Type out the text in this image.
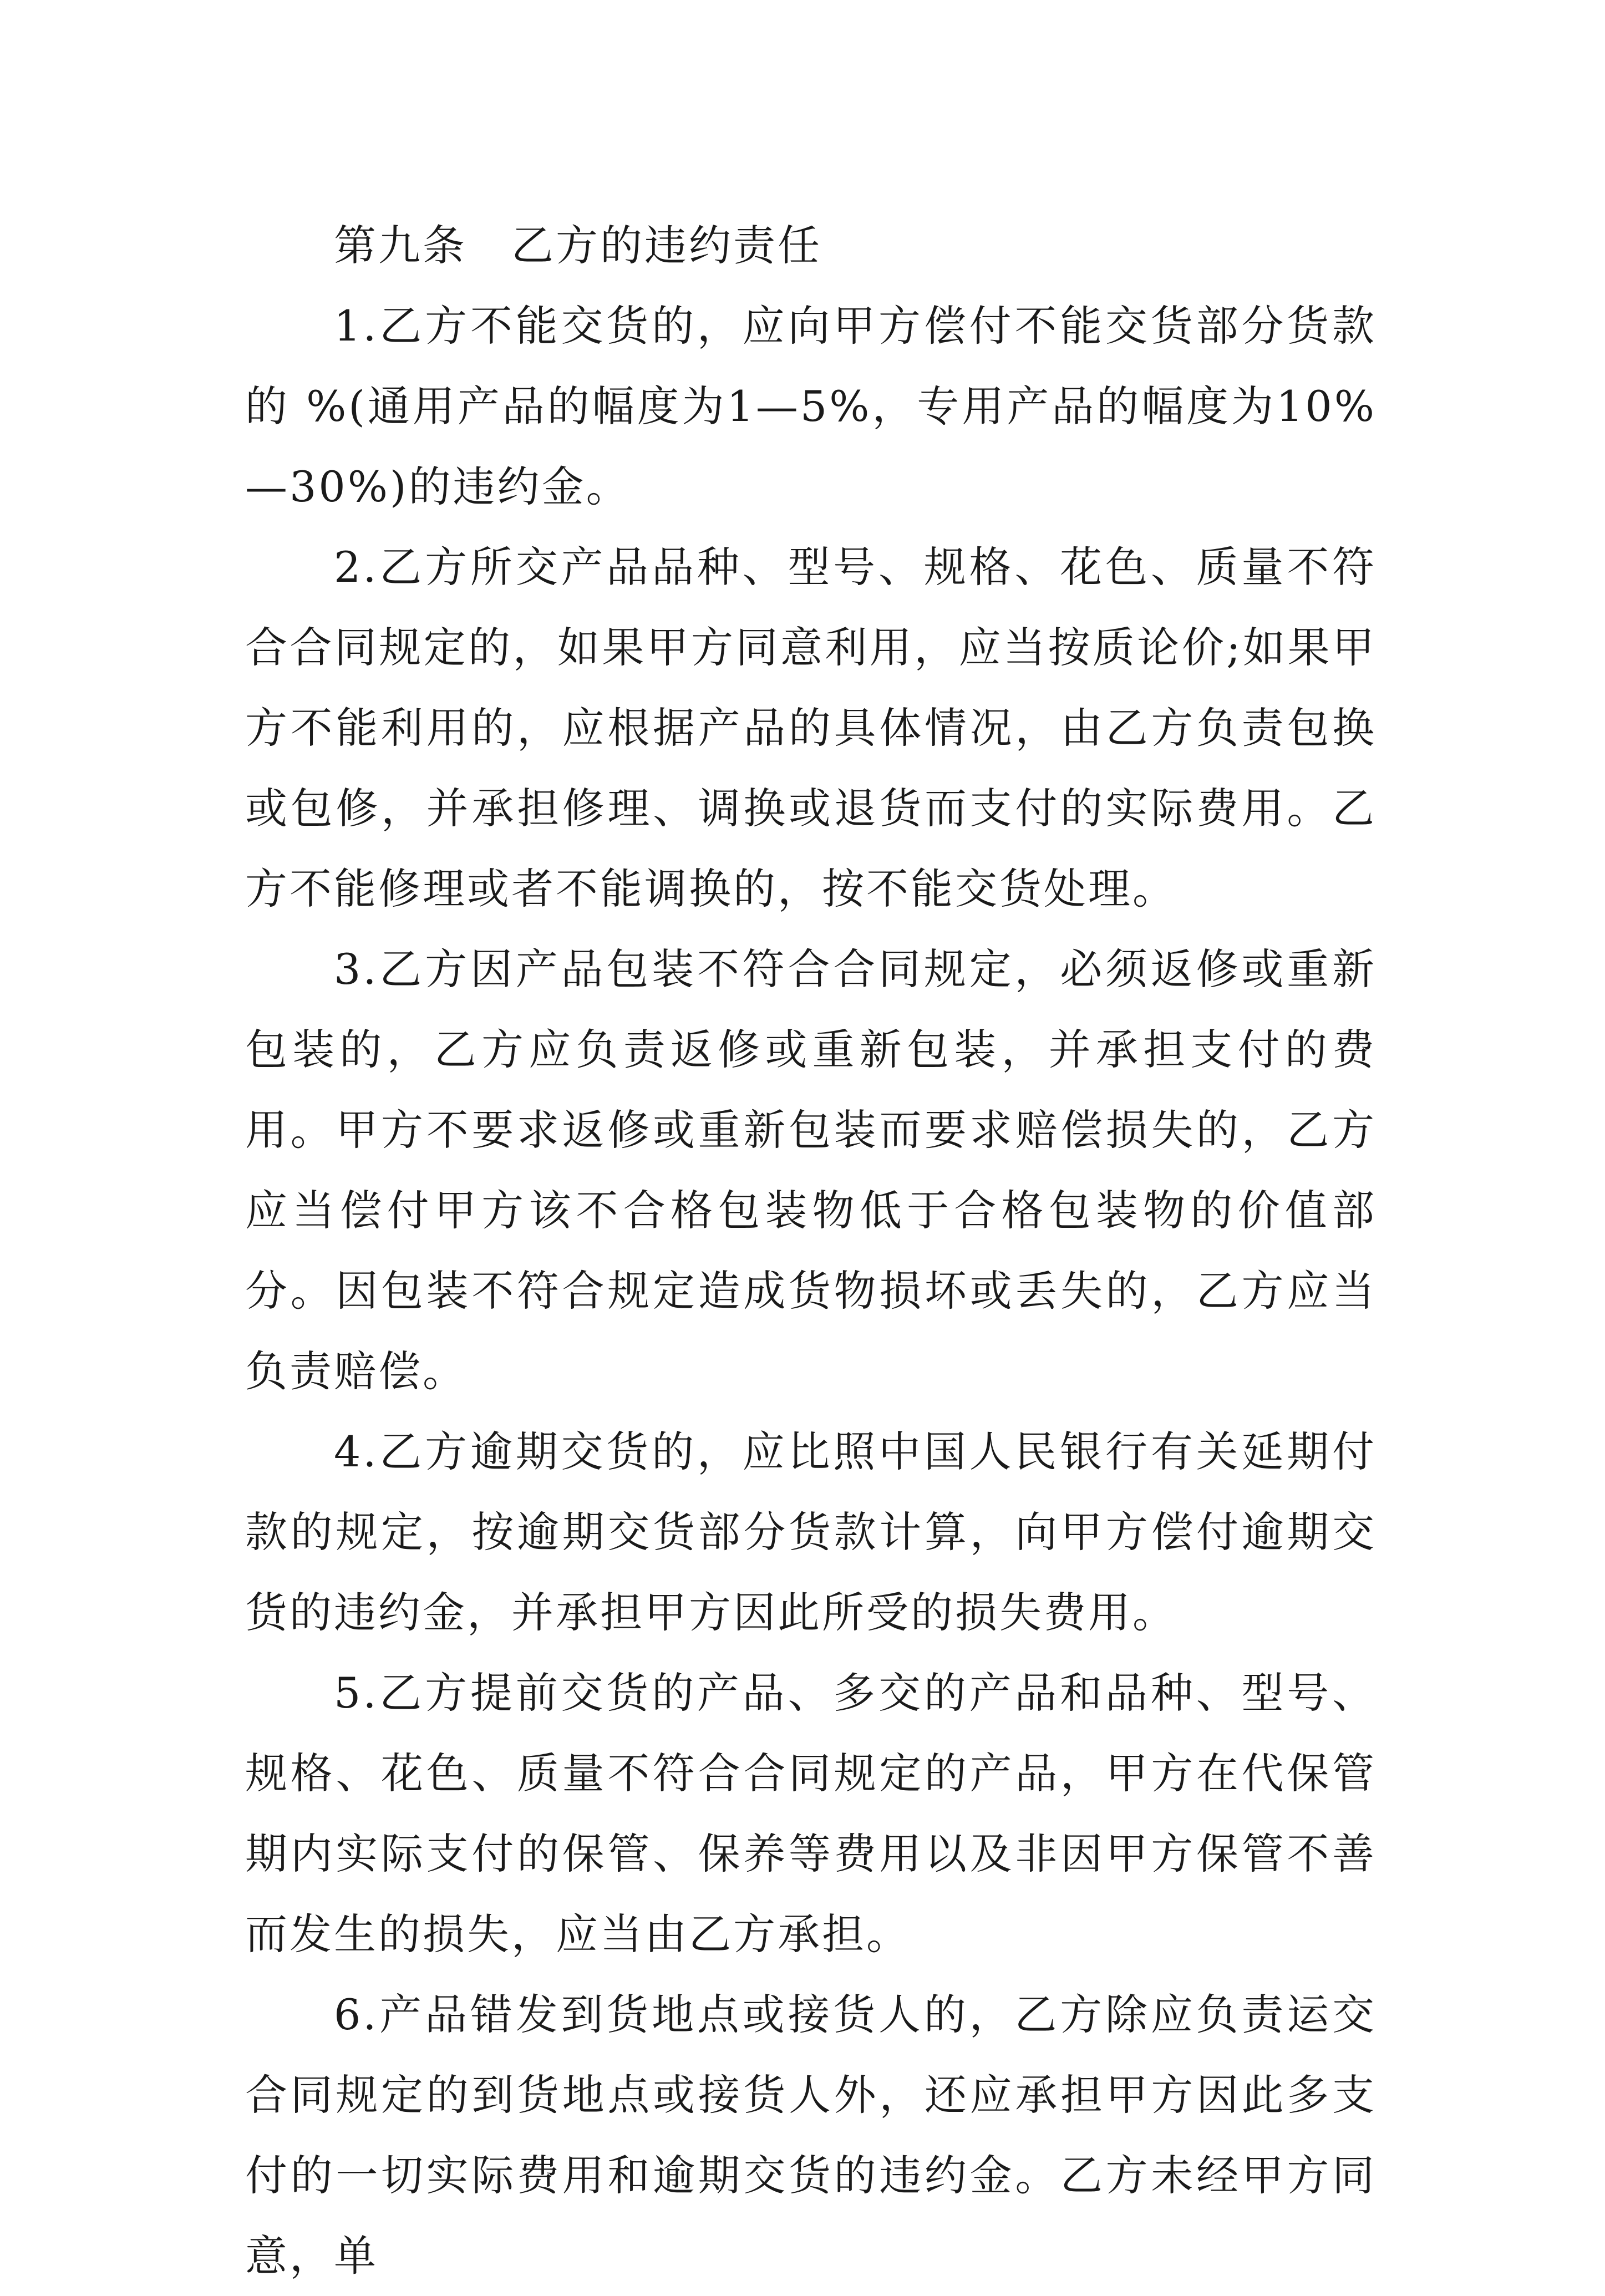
第九条　乙方的违约责任

1.乙方不能交货的，应向甲方偿付不能交货部分货款的 %(通用产品的幅度为1—5%，专用产品的幅度为10%—30%)的违约金。

2.乙方所交产品品种、型号、规格、花色、质量不符合合同规定的，如果甲方同意利用，应当按质论价;如果甲方不能利用的，应根据产品的具体情况，由乙方负责包换或包修，并承担修理、调换或退货而支付的实际费用。乙方不能修理或者不能调换的，按不能交货处理。

3.乙方因产品包装不符合合同规定，必须返修或重新包装的，乙方应负责返修或重新包装，并承担支付的费用。甲方不要求返修或重新包装而要求赔偿损失的，乙方应当偿付甲方该不合格包装物低于合格包装物的价值部分。因包装不符合规定造成货物损坏或丢失的，乙方应当负责赔偿。

4.乙方逾期交货的，应比照中国人民银行有关延期付款的规定，按逾期交货部分货款计算，向甲方偿付逾期交货的违约金，并承担甲方因此所受的损失费用。

5.乙方提前交货的产品、多交的产品和品种、型号、规格、花色、质量不符合合同规定的产品，甲方在代保管期内实际支付的保管、保养等费用以及非因甲方保管不善而发生的损失，应当由乙方承担。

6.产品错发到货地点或接货人的，乙方除应负责运交合同规定的到货地点或接货人外，还应承担甲方因此多支付的一切实际费用和逾期交货的违约金。乙方未经甲方同意，单
